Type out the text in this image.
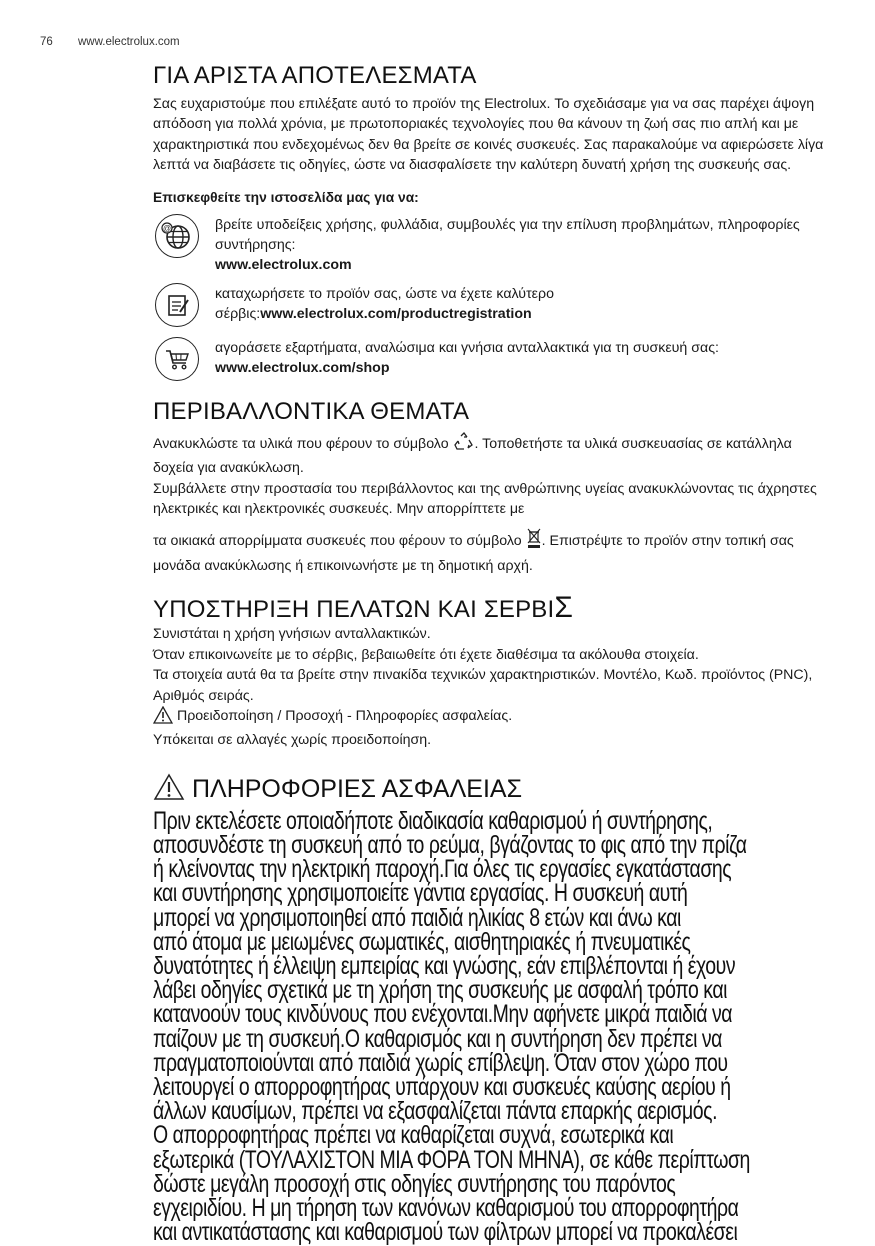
76 www.electrolux.com
ΓΙΑ ΑΡΙΣΤΑ ΑΠΟΤΕΛΕΣΜΑΤΑ

Σας ευχαριστούμε που επιλέξατε αυτό το προϊόν της Electrolux. Το σχεδιάσαμε για να σας παρέχει άψογη απόδοση για πολλά χρόνια, με πρωτοποριακές τεχνολογίες που θα κάνουν τη ζωή σας πιο απλή και με χαρακτηριστικά που ενδεχομένως δεν θα βρείτε σε κοινές συσκευές. Σας παρακαλούμε να αφιερώσετε λίγα λεπτά να διαβάσετε τις οδηγίες, ώστε να διασφαλίσετε την καλύτερη δυνατή χρήση της συσκευής σας.

Επισκεφθείτε την ιστοσελίδα μας για να:
@	βρείτε υποδείξεις χρήσης, φυλλάδια, συμβουλές για την επίλυση προβλημάτων, πληροφορίες συντήρησης:
www.electrolux.com
καταχωρήσετε το προϊόν σας, ώστε να έχετε καλύτερο σέρβις:www.electrolux.com/productregistration
αγοράσετε εξαρτήματα, αναλώσιμα και γνήσια ανταλλακτικά για τη συσκευή σας:
www.electrolux.com/shop
ΠΕΡΙΒΑΛΛΟΝΤΙΚΑ ΘΕΜΑΤΑ

Ανακυκλώστε τα υλικά που φέρουν το σύμβολο . Τοποθετήστε τα υλικά συσκευασίας σε κατάλληλα δοχεία για ανακύκλωση.

Συμβάλλετε στην προστασία του περιβάλλοντος και της ανθρώπινης υγείας ανακυκλώνοντας τις άχρηστες ηλεκτρικές και ηλεκτρονικές συσκευές. Μην απορρίπτετε με

τα οικιακά απορρίμματα συσκευές που φέρουν το σύμβολο . Επιστρέψτε το προϊόν στην τοπική σας μονάδα ανακύκλωσης ή επικοινωνήστε με τη δημοτική αρχή.

ΥΠΟΣΤΗΡΙΞΗ ΠΕΛΑΤΩΝ ΚΑΙ ΣΕΡΒΙΣ

Συνιστάται η χρήση γνήσιων ανταλλακτικών.

Όταν επικοινωνείτε με το σέρβις, βεβαιωθείτε ότι έχετε διαθέσιμα τα ακόλουθα στοιχεία.

Τα στοιχεία αυτά θα τα βρείτε στην πινακίδα τεχνικών χαρακτηριστικών. Μοντέλο, Κωδ. προϊόντος (PNC), Αριθμός σειράς.

Προειδοποίηση / Προσοχή - Πληροφορίες ασφαλείας.

Υπόκειται σε αλλαγές χωρίς προειδοποίηση.

ΠΛΗΡΟΦΟΡΙΕΣ ΑΣΦΑΛΕΙΑΣ
Πριν εκτελέσετε οποιαδήποτε διαδικασία καθαρισμού ή συντήρησης,
αποσυνδέστε τη συσκευή από το ρεύμα, βγάζοντας το φις από την πρίζα
ή κλείνοντας την ηλεκτρική παροχή.Για όλες τις εργασίες εγκατάστασης
και συντήρησης χρησιμοποιείτε γάντια εργασίας. Η συσκευή αυτή
μπορεί να χρησιμοποιηθεί από παιδιά ηλικίας 8 ετών και άνω και
από άτομα με μειωμένες σωματικές, αισθητηριακές ή πνευματικές
δυνατότητες ή έλλειψη εμπειρίας και γνώσης, εάν επιβλέπονται ή έχουν
λάβει οδηγίες σχετικά με τη χρήση της συσκευής με ασφαλή τρόπο και
κατανοούν τους κινδύνους που ενέχονται.Μην αφήνετε μικρά παιδιά να
παίζουν με τη συσκευή.Ο καθαρισμός και η συντήρηση δεν πρέπει να
πραγματοποιούνται από παιδιά χωρίς επίβλεψη. Όταν στον χώρο που
λειτουργεί ο απορροφητήρας υπάρχουν και συσκευές καύσης αερίου ή
άλλων καυσίμων, πρέπει να εξασφαλίζεται πάντα επαρκής αερισμός.
Ο απορροφητήρας πρέπει να καθαρίζεται συχνά, εσωτερικά και
εξωτερικά (ΤΟΥΛΑΧΙΣΤΟΝ ΜΙΑ ΦΟΡΑ ΤΟΝ ΜΗΝΑ), σε κάθε περίπτωση
δώστε μεγάλη προσοχή στις οδηγίες συντήρησης του παρόντος
εγχειριδίου. Η μη τήρηση των κανόνων καθαρισμού του απορροφητήρα
και αντικατάστασης και καθαρισμού των φίλτρων μπορεί να προκαλέσει
